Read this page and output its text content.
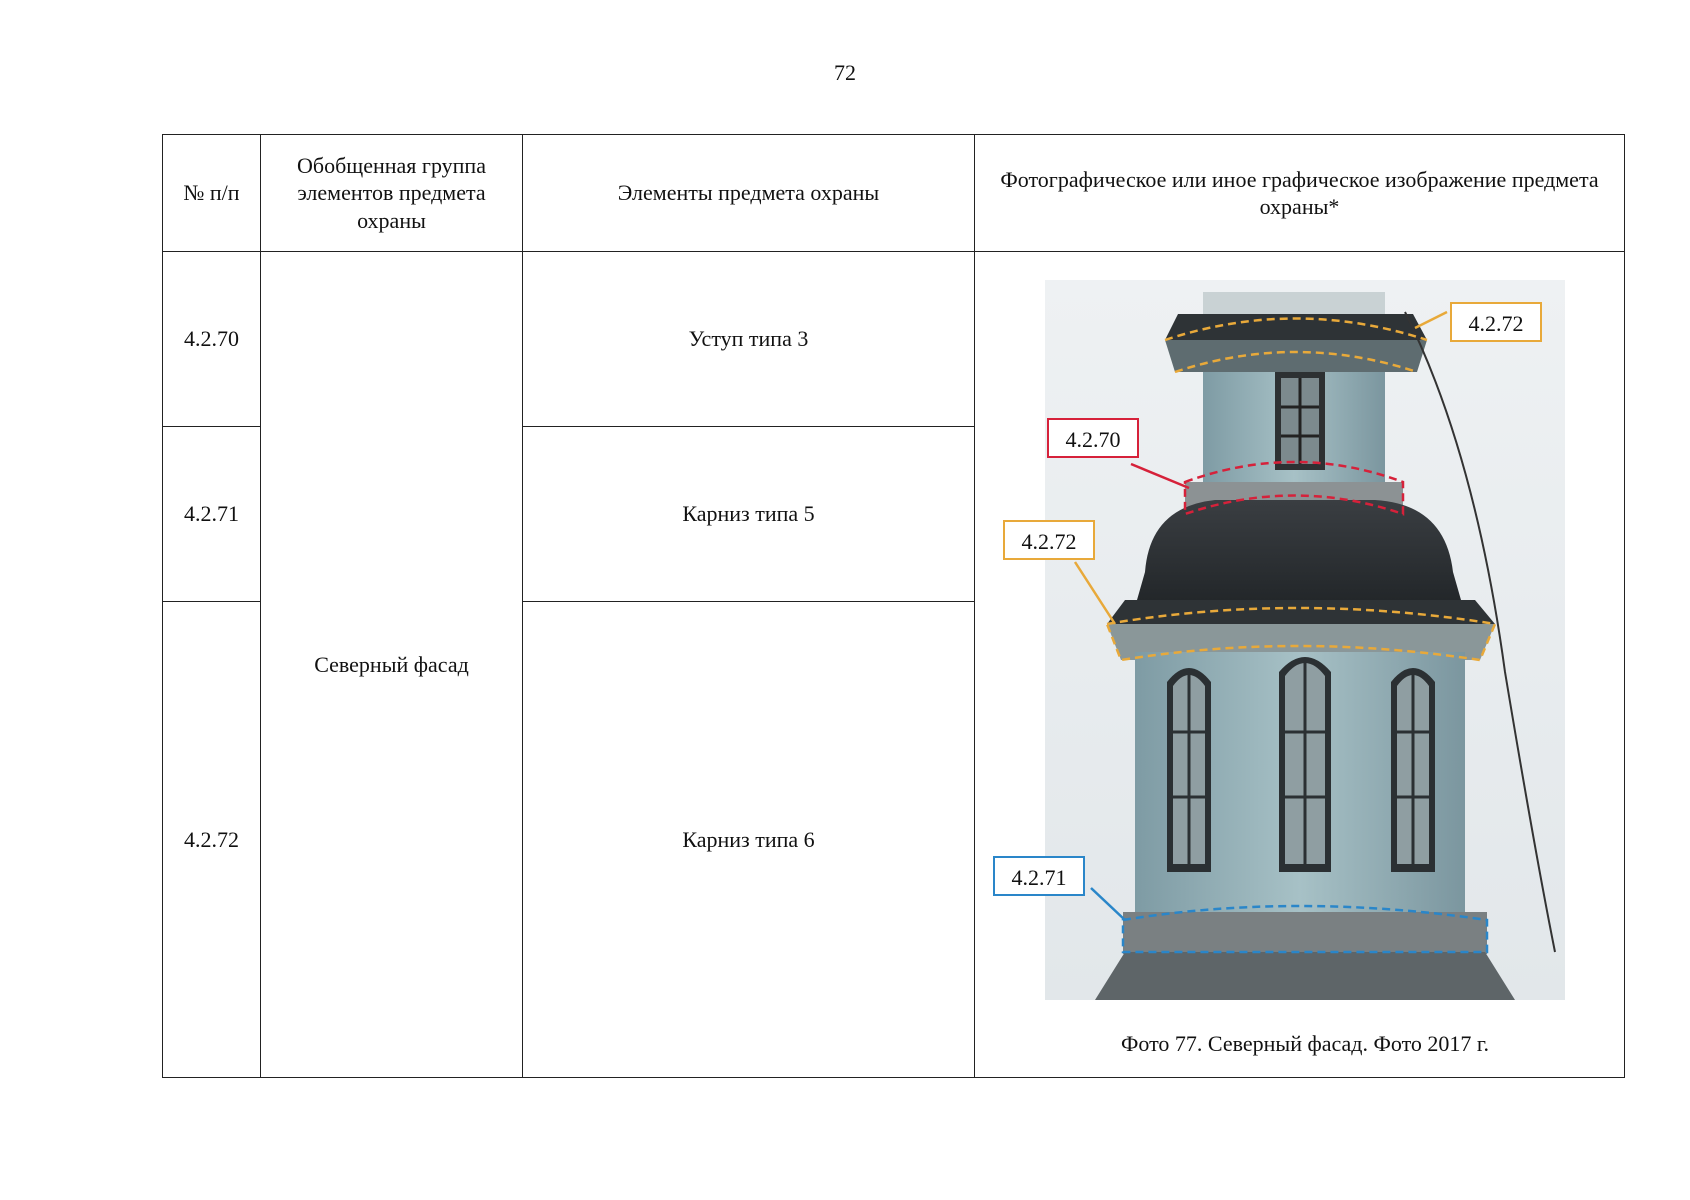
72
№ п/п	Обобщенная группа элементов предмета охраны	Элементы предмета охраны	Фотографическое или иное графическое изображение предмета охраны*
4.2.70	Северный фасад	Уступ типа 3	4.2.72
4.2.70
4.2.72
4.2.71
Фото 77. Северный фасад. Фото 2017 г.

4.2.71		Карниз типа 5	
4.2.72		Карниз типа 6	
